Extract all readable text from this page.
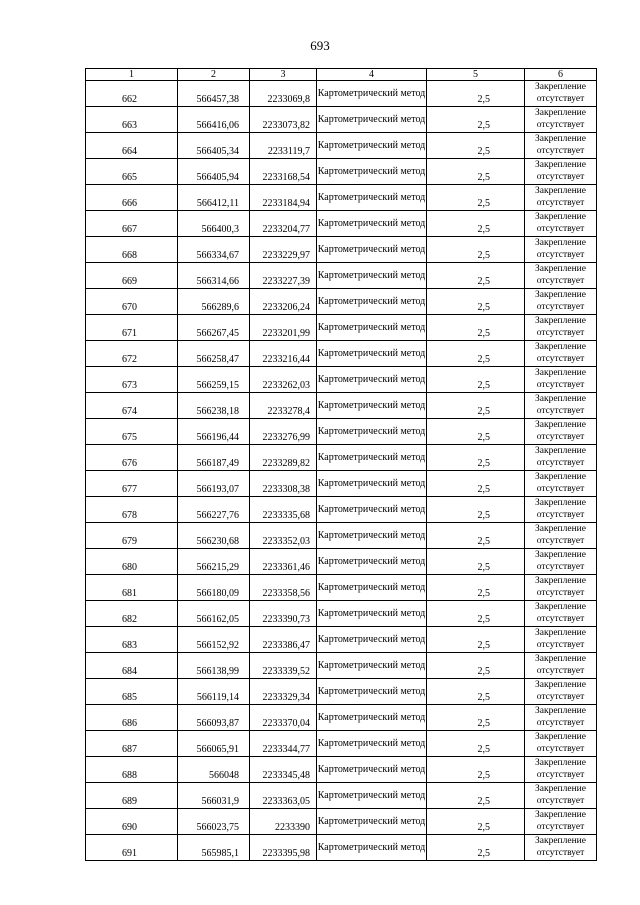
693
1	2	3	4	5	6
662	566457,38	2233069,8	Картометрический метод	2,5	Закрепление отсутствует
663	566416,06	2233073,82	Картометрический метод	2,5	Закрепление отсутствует
664	566405,34	2233119,7	Картометрический метод	2,5	Закрепление отсутствует
665	566405,94	2233168,54	Картометрический метод	2,5	Закрепление отсутствует
666	566412,11	2233184,94	Картометрический метод	2,5	Закрепление отсутствует
667	566400,3	2233204,77	Картометрический метод	2,5	Закрепление отсутствует
668	566334,67	2233229,97	Картометрический метод	2,5	Закрепление отсутствует
669	566314,66	2233227,39	Картометрический метод	2,5	Закрепление отсутствует
670	566289,6	2233206,24	Картометрический метод	2,5	Закрепление отсутствует
671	566267,45	2233201,99	Картометрический метод	2,5	Закрепление отсутствует
672	566258,47	2233216,44	Картометрический метод	2,5	Закрепление отсутствует
673	566259,15	2233262,03	Картометрический метод	2,5	Закрепление отсутствует
674	566238,18	2233278,4	Картометрический метод	2,5	Закрепление отсутствует
675	566196,44	2233276,99	Картометрический метод	2,5	Закрепление отсутствует
676	566187,49	2233289,82	Картометрический метод	2,5	Закрепление отсутствует
677	566193,07	2233308,38	Картометрический метод	2,5	Закрепление отсутствует
678	566227,76	2233335,68	Картометрический метод	2,5	Закрепление отсутствует
679	566230,68	2233352,03	Картометрический метод	2,5	Закрепление отсутствует
680	566215,29	2233361,46	Картометрический метод	2,5	Закрепление отсутствует
681	566180,09	2233358,56	Картометрический метод	2,5	Закрепление отсутствует
682	566162,05	2233390,73	Картометрический метод	2,5	Закрепление отсутствует
683	566152,92	2233386,47	Картометрический метод	2,5	Закрепление отсутствует
684	566138,99	2233339,52	Картометрический метод	2,5	Закрепление отсутствует
685	566119,14	2233329,34	Картометрический метод	2,5	Закрепление отсутствует
686	566093,87	2233370,04	Картометрический метод	2,5	Закрепление отсутствует
687	566065,91	2233344,77	Картометрический метод	2,5	Закрепление отсутствует
688	566048	2233345,48	Картометрический метод	2,5	Закрепление отсутствует
689	566031,9	2233363,05	Картометрический метод	2,5	Закрепление отсутствует
690	566023,75	2233390	Картометрический метод	2,5	Закрепление отсутствует
691	565985,1	2233395,98	Картометрический метод	2,5	Закрепление отсутствует
